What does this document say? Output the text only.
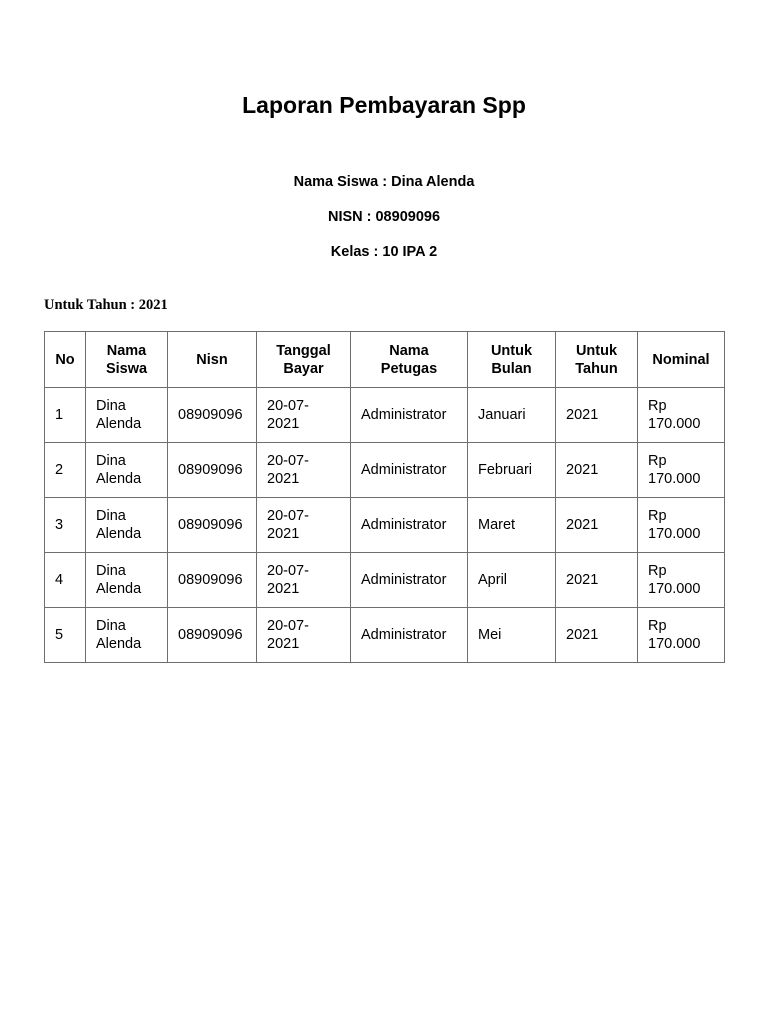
Laporan Pembayaran Spp

Nama Siswa : Dina Alenda

NISN : 08909096

Kelas : 10 IPA 2

Untuk Tahun : 2021

No	Nama Siswa	Nisn	Tanggal Bayar	Nama Petugas	Untuk Bulan	Untuk Tahun	Nominal
1	Dina Alenda	08909096	20-07-2021	Administrator	Januari	2021	Rp 170.000
2	Dina Alenda	08909096	20-07-2021	Administrator	Februari	2021	Rp 170.000
3	Dina Alenda	08909096	20-07-2021	Administrator	Maret	2021	Rp 170.000
4	Dina Alenda	08909096	20-07-2021	Administrator	April	2021	Rp 170.000
5	Dina Alenda	08909096	20-07-2021	Administrator	Mei	2021	Rp 170.000
